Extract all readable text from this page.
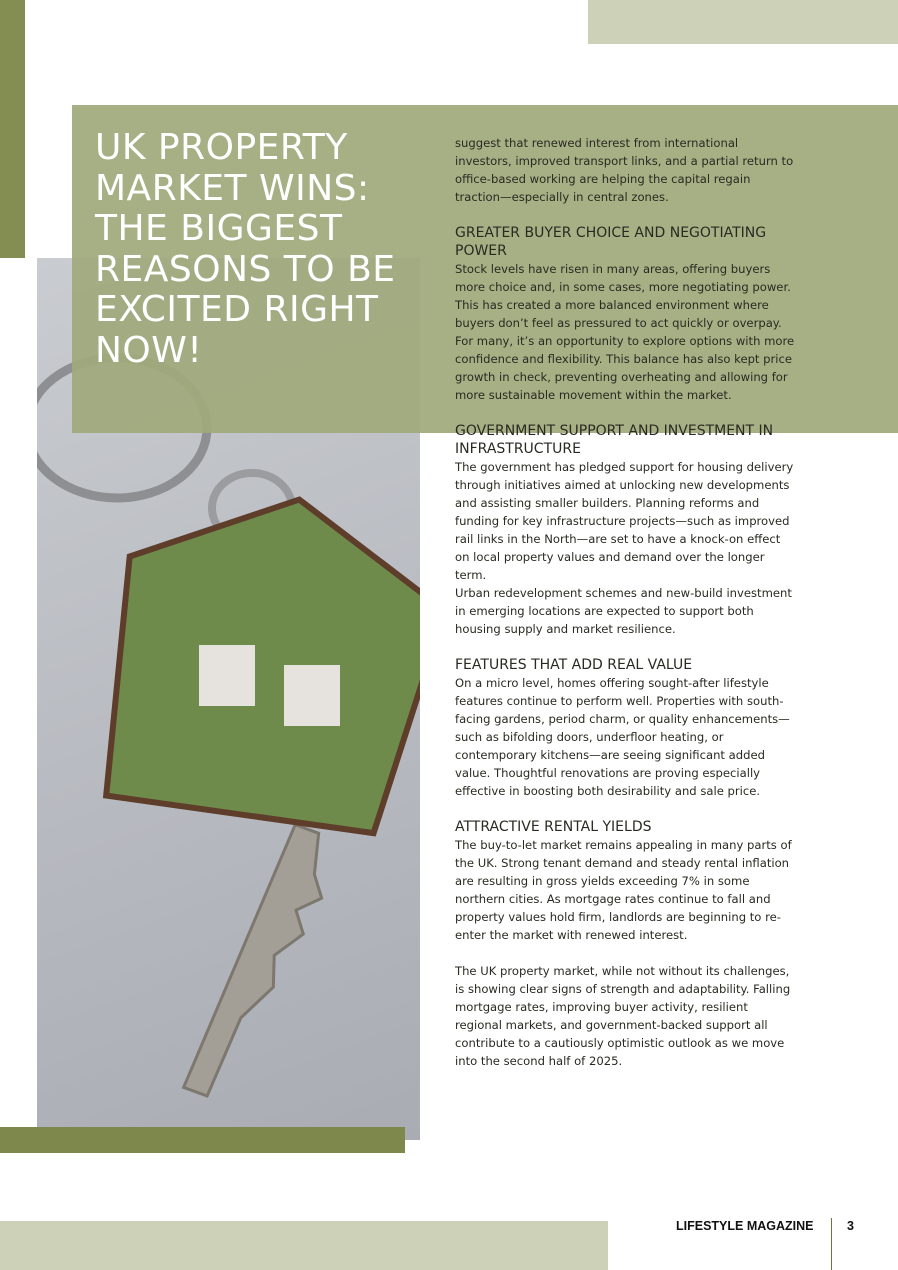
UK PROPERTY MARKET WINS: THE BIGGEST REASONS TO BE EXCITED RIGHT NOW!

suggest that renewed interest from international investors, improved transport links, and a partial return to office-based working are helping the capital regain traction—especially in central zones.

GREATER BUYER CHOICE AND NEGOTIATING POWER

Stock levels have risen in many areas, offering buyers more choice and, in some cases, more negotiating power. This has created a more balanced environment where buyers don’t feel as pressured to act quickly or overpay. For many, it’s an opportunity to explore options with more confidence and flexibility. This balance has also kept price growth in check, preventing overheating and allowing for more sustainable movement within the market.

GOVERNMENT SUPPORT AND INVESTMENT IN INFRASTRUCTURE

The government has pledged support for housing delivery through initiatives aimed at unlocking new developments and assisting smaller builders. Planning reforms and funding for key infrastructure projects—such as improved rail links in the North—are set to have a knock-on effect on local property values and demand over the longer term.

Urban redevelopment schemes and new-build investment in emerging locations are expected to support both housing supply and market resilience.

FEATURES THAT ADD REAL VALUE

On a micro level, homes offering sought-after lifestyle features continue to perform well. Properties with south-facing gardens, period charm, or quality enhancements—such as bifolding doors, underfloor heating, or contemporary kitchens—are seeing significant added value. Thoughtful renovations are proving especially effective in boosting both desirability and sale price.

ATTRACTIVE RENTAL YIELDS

The buy-to-let market remains appealing in many parts of the UK. Strong tenant demand and steady rental inflation are resulting in gross yields exceeding 7% in some northern cities. As mortgage rates continue to fall and property values hold firm, landlords are beginning to re-enter the market with renewed interest.

The UK property market, while not without its challenges, is showing clear signs of strength and adaptability. Falling mortgage rates, improving buyer activity, resilient regional markets, and government-backed support all contribute to a cautiously optimistic outlook as we move into the second half of 2025.

LIFESTYLE MAGAZINE	3
